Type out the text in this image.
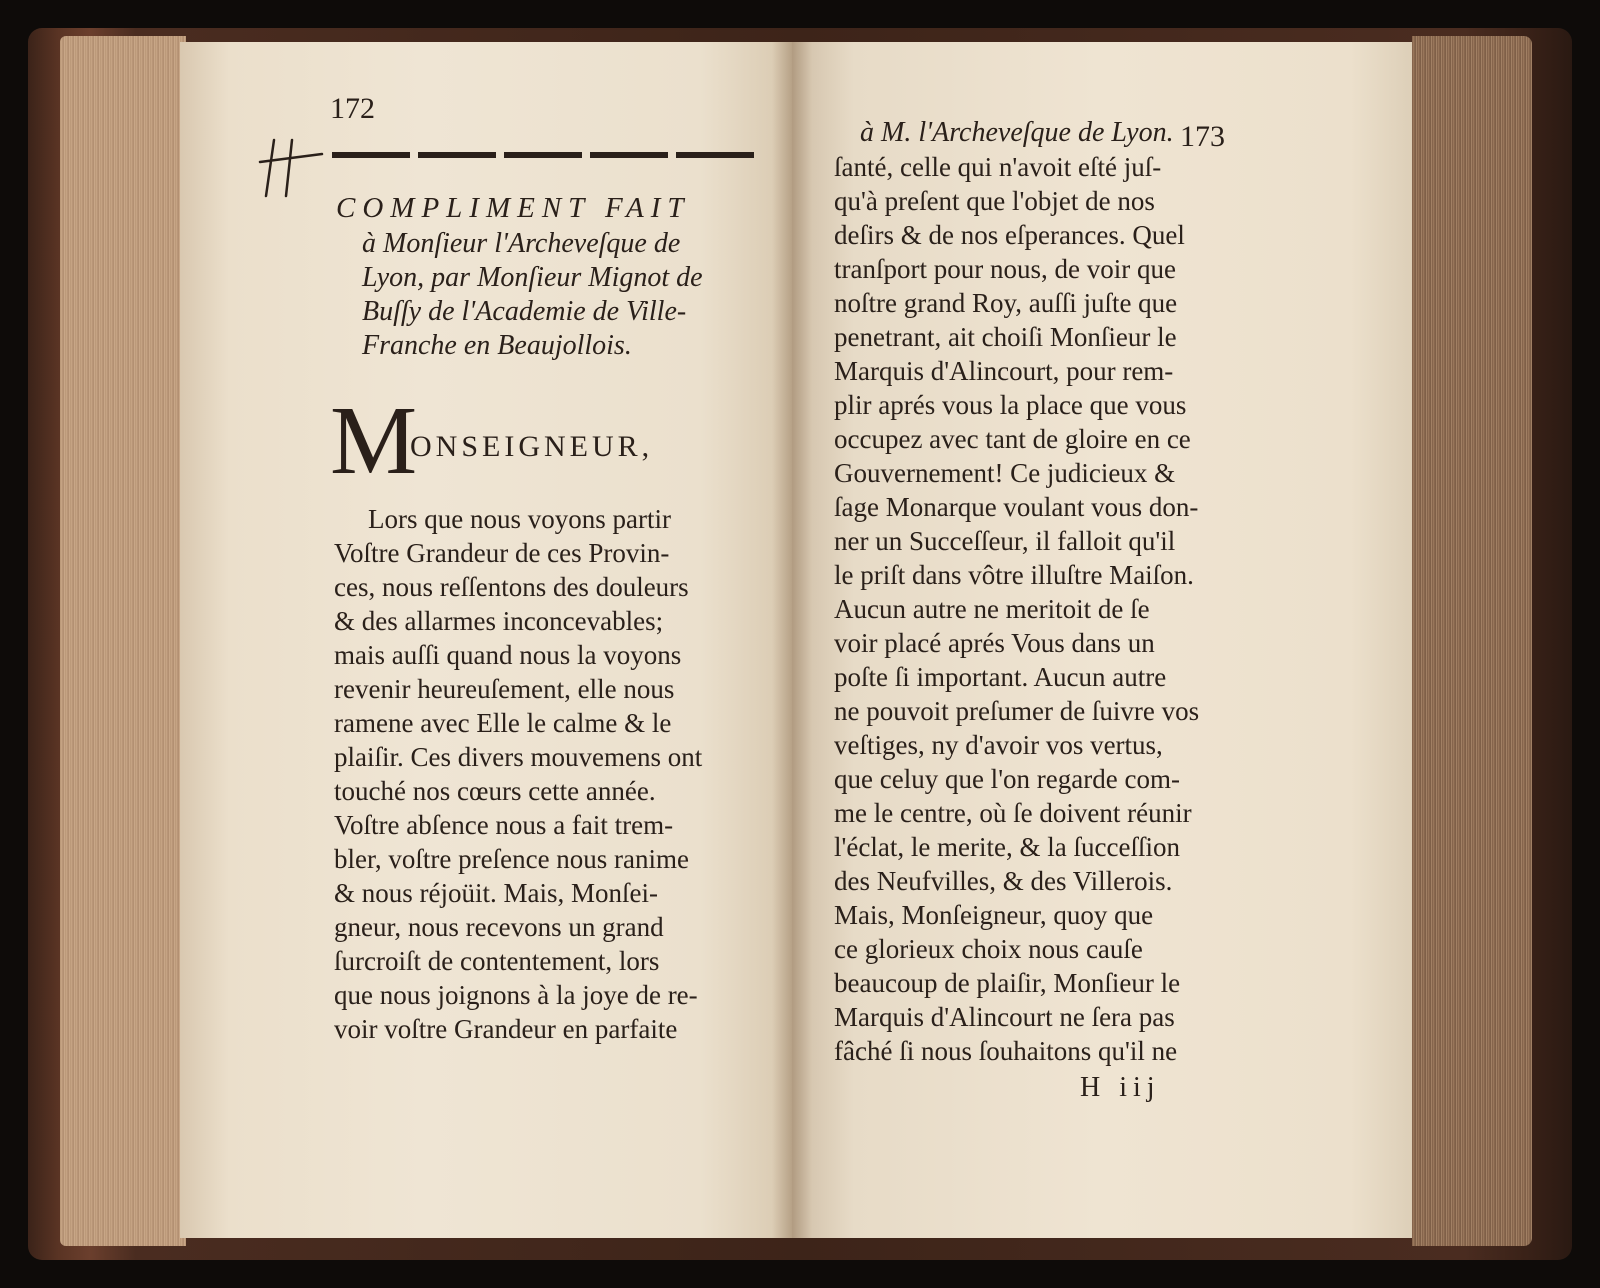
172
COMPLIMENT FAIT
à Monſieur l'Archeveſque de
Lyon, par Monſieur Mignot de
Buſſy de l'Academie de Ville-
Franche en Beaujollois.
M
ONSEIGNEUR,
Lors que nous voyons partir
Voſtre Grandeur de ces Provin-
ces, nous reſſentons des douleurs
& des allarmes inconcevables;
mais auſſi quand nous la voyons
revenir heureuſement, elle nous
ramene avec Elle le calme & le
plaiſir. Ces divers mouvemens ont
touché nos cœurs cette année.
Voſtre abſence nous a fait trem-
bler, voſtre preſence nous ranime
& nous réjoüit. Mais, Monſei-
gneur, nous recevons un grand
ſurcroiſt de contentement, lors
que nous joignons à la joye de re-
voir voſtre Grandeur en parfaite
à M. l'Archeveſque de Lyon. 173
ſanté, celle qui n'avoit eſté juſ-
qu'à preſent que l'objet de nos
deſirs & de nos eſperances. Quel
tranſport pour nous, de voir que
noſtre grand Roy, auſſi juſte que
penetrant, ait choiſi Monſieur le
Marquis d'Alincourt, pour rem-
plir aprés vous la place que vous
occupez avec tant de gloire en ce
Gouvernement! Ce judicieux &
ſage Monarque voulant vous don-
ner un Succeſſeur, il falloit qu'il
le priſt dans vôtre illuſtre Maiſon.
Aucun autre ne meritoit de ſe
voir placé aprés Vous dans un
poſte ſi important. Aucun autre
ne pouvoit preſumer de ſuivre vos
veſtiges, ny d'avoir vos vertus,
que celuy que l'on regarde com-
me le centre, où ſe doivent réunir
l'éclat, le merite, & la ſucceſſion
des Neufvilles, & des Villerois.
Mais, Monſeigneur, quoy que
ce glorieux choix nous cauſe
beaucoup de plaiſir, Monſieur le
Marquis d'Alincourt ne ſera pas
fâché ſi nous ſouhaitons qu'il ne
H iij
